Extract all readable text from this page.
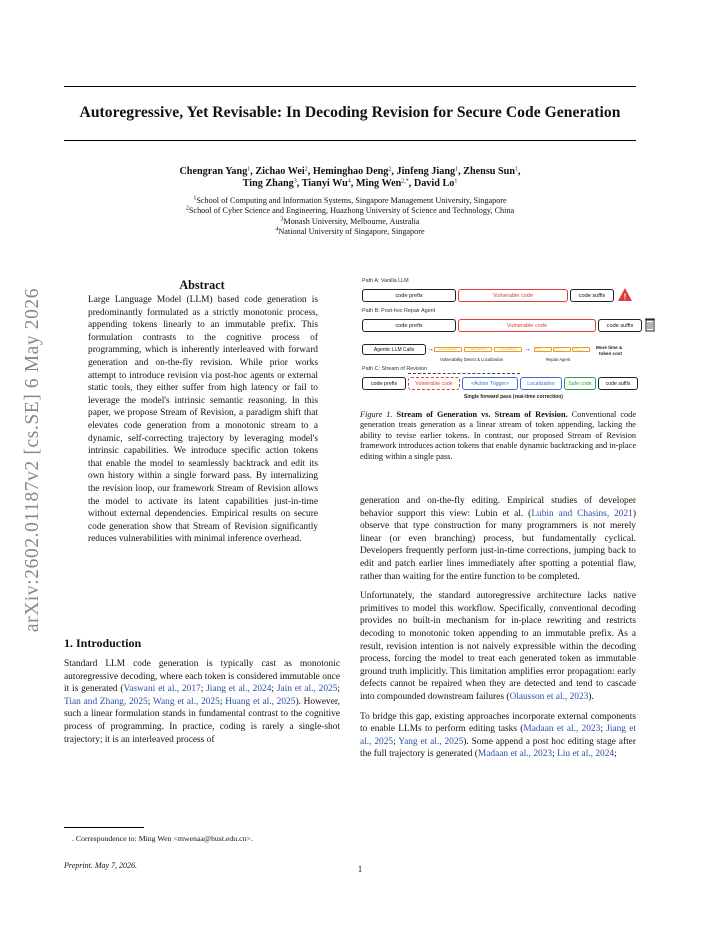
arXiv:2602.01187v2 [cs.SE] 6 May 2026
Autoregressive, Yet Revisable: In Decoding Revision for Secure Code Generation
Chengran Yang$^1$, Zichao Wei$^2$, Heminghao Deng$^2$, Jinfeng Jiang$^1$, Zhensu Sun$^1$,
Ting Zhang$^3$, Tianyi Wu$^4$, Ming Wen$^{2,*}$, David Lo$^1$
$^1$School of Computing and Information Systems, Singapore Management University, Singapore
$^2$School of Cyber Science and Engineering, Huazhong University of Science and Technology, China
$^3$Monash University, Melbourne, Australia
$^4$National University of Singapore, Singapore
Abstract
Large Language Model (LLM) based code generation is predominantly formulated as a strictly monotonic process, appending tokens linearly to an immutable prefix. This formulation contrasts to the cognitive process of programming, which is inherently interleaved with forward generation and on-the-fly revision. While prior works attempt to introduce revision via post-hoc agents or external static tools, they either suffer from high latency or fail to leverage the model's intrinsic semantic reasoning. In this paper, we propose Stream of Revision, a paradigm shift that elevates code generation from a monotonic stream to a dynamic, self-correcting trajectory by leveraging model's intrinsic capabilities. We introduce specific action tokens that enable the model to seamlessly backtrack and edit its own history within a single forward pass. By internalizing the revision loop, our framework Stream of Revision allows the model to activate its latent capabilities just-in-time without external dependencies. Empirical results on secure code generation show that Stream of Revision significantly reduces vulnerabilities with minimal inference overhead.
1. Introduction

Standard LLM code generation is typically cast as monotonic autoregressive decoding, where each token is considered immutable once it is generated (Vaswani et al., 2017; Jiang et al., 2024; Jain et al., 2025; Tian and Zhang, 2025; Wang et al., 2025; Huang et al., 2025). However, such a linear formulation stands in fundamental contrast to the cognitive process of programming. In practice, coding is rarely a single-shot trajectory; it is an interleaved process of

. Correspondence to: Ming Wen <mwenaa@hust.edu.cn>.
Preprint. May 7, 2026.	1
Path A: Vanilla LLM
code prefix	Vulnerable code	code suffix	!
Path B: Post-hoc Repair Agent
code prefix	Vulnerable code	code suffix
Agentic LLM Calls	→	code matching	code matching	code matching	→	code matching
code matching
code matching
More time &
token cost
Vulnerability Detect & Localization	Repair Agent
Path C: Stream of Revision
code prefix	Vulnerable code	<Action Trigger>	Localization	Safe code	code suffix
Single forward pass (real-time correction)
Figure 1. Stream of Generation vs. Stream of Revision. Conventional code generation treats generation as a linear stream of token appending, lacking the ability to revise earlier tokens. In contrast, our proposed Stream of Revision framework introduces action tokens that enable dynamic backtracking and in-place editing within a single pass.

generation and on-the-fly editing. Empirical studies of developer behavior support this view: Lubin et al. (Lubin and Chasins, 2021) observe that type construction for many programmers is not merely linear (or even branching) process, but fundamentally cyclical. Developers frequently perform just-in-time corrections, jumping back to edit and patch earlier lines immediately after spotting a potential flaw, rather than waiting for the entire function to be completed.

Unfortunately, the standard autoregressive architecture lacks native primitives to model this workflow. Specifically, conventional decoding provides no built-in mechanism for in-place rewriting and restricts decoding to monotonic token appending to an immutable prefix. As a result, revision intention is not naively expressible within the decoding process, forcing the model to treat each generated token as immutable ground truth implicitly. This limitation amplifies error propagation: early defects cannot be repaired when they are detected and tend to cascade into compounded downstream failures (Olausson et al., 2023).

To bridge this gap, existing approaches incorporate external components to enable LLMs to perform editing tasks (Madaan et al., 2023; Jiang et al., 2025; Yang et al., 2025). Some append a post hoc editing stage after the full trajectory is generated (Madaan et al., 2023; Liu et al., 2024;
